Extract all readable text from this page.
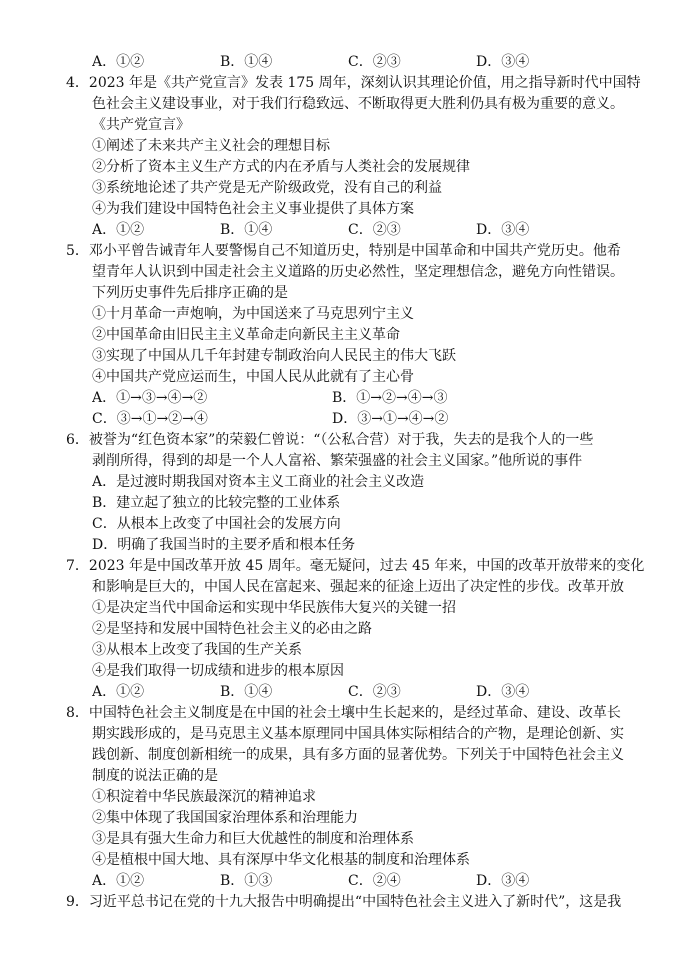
A．①②	B．①④	C．②③	D．③④
4．2023 年是《共产党宣言》发表 175 周年，深刻认识其理论价值，用之指导新时代中国特
色社会主义建设事业，对于我们行稳致远、不断取得更大胜利仍具有极为重要的意义。
《共产党宣言》
①阐述了未来共产主义社会的理想目标
②分析了资本主义生产方式的内在矛盾与人类社会的发展规律
③系统地论述了共产党是无产阶级政党，没有自己的利益
④为我们建设中国特色社会主义事业提供了具体方案
A．①②	B．①④	C．②③	D．③④
5．邓小平曾告诫青年人要警惕自己不知道历史，特别是中国革命和中国共产党历史。他希
望青年人认识到中国走社会主义道路的历史必然性，坚定理想信念，避免方向性错误。
下列历史事件先后排序正确的是
①十月革命一声炮响，为中国送来了马克思列宁主义
②中国革命由旧民主主义革命走向新民主主义革命
③实现了中国从几千年封建专制政治向人民民主的伟大飞跃
④中国共产党应运而生，中国人民从此就有了主心骨
A．①→③→④→②	B．①→②→④→③
C．③→①→②→④	D．③→①→④→②
6．被誉为“红色资本家”的荣毅仁曾说：“（公私合营）对于我，失去的是我个人的一些
剥削所得，得到的却是一个人人富裕、繁荣强盛的社会主义国家。”他所说的事件
A．是过渡时期我国对资本主义工商业的社会主义改造
B．建立起了独立的比较完整的工业体系
C．从根本上改变了中国社会的发展方向
D．明确了我国当时的主要矛盾和根本任务
7．2023 年是中国改革开放 45 周年。毫无疑问，过去 45 年来，中国的改革开放带来的变化
和影响是巨大的，中国人民在富起来、强起来的征途上迈出了决定性的步伐。改革开放
①是决定当代中国命运和实现中华民族伟大复兴的关键一招
②是坚持和发展中国特色社会主义的必由之路
③从根本上改变了我国的生产关系
④是我们取得一切成绩和进步的根本原因
A．①②	B．①④	C．②③	D．③④
8．中国特色社会主义制度是在中国的社会土壤中生长起来的，是经过革命、建设、改革长
期实践形成的，是马克思主义基本原理同中国具体实际相结合的产物，是理论创新、实
践创新、制度创新相统一的成果，具有多方面的显著优势。下列关于中国特色社会主义
制度的说法正确的是
①积淀着中华民族最深沉的精神追求
②集中体现了我国国家治理体系和治理能力
③是具有强大生命力和巨大优越性的制度和治理体系
④是植根中国大地、具有深厚中华文化根基的制度和治理体系
A．①②	B．①③	C．②④	D．③④
9．习近平总书记在党的十九大报告中明确提出“中国特色社会主义进入了新时代”，这是我
